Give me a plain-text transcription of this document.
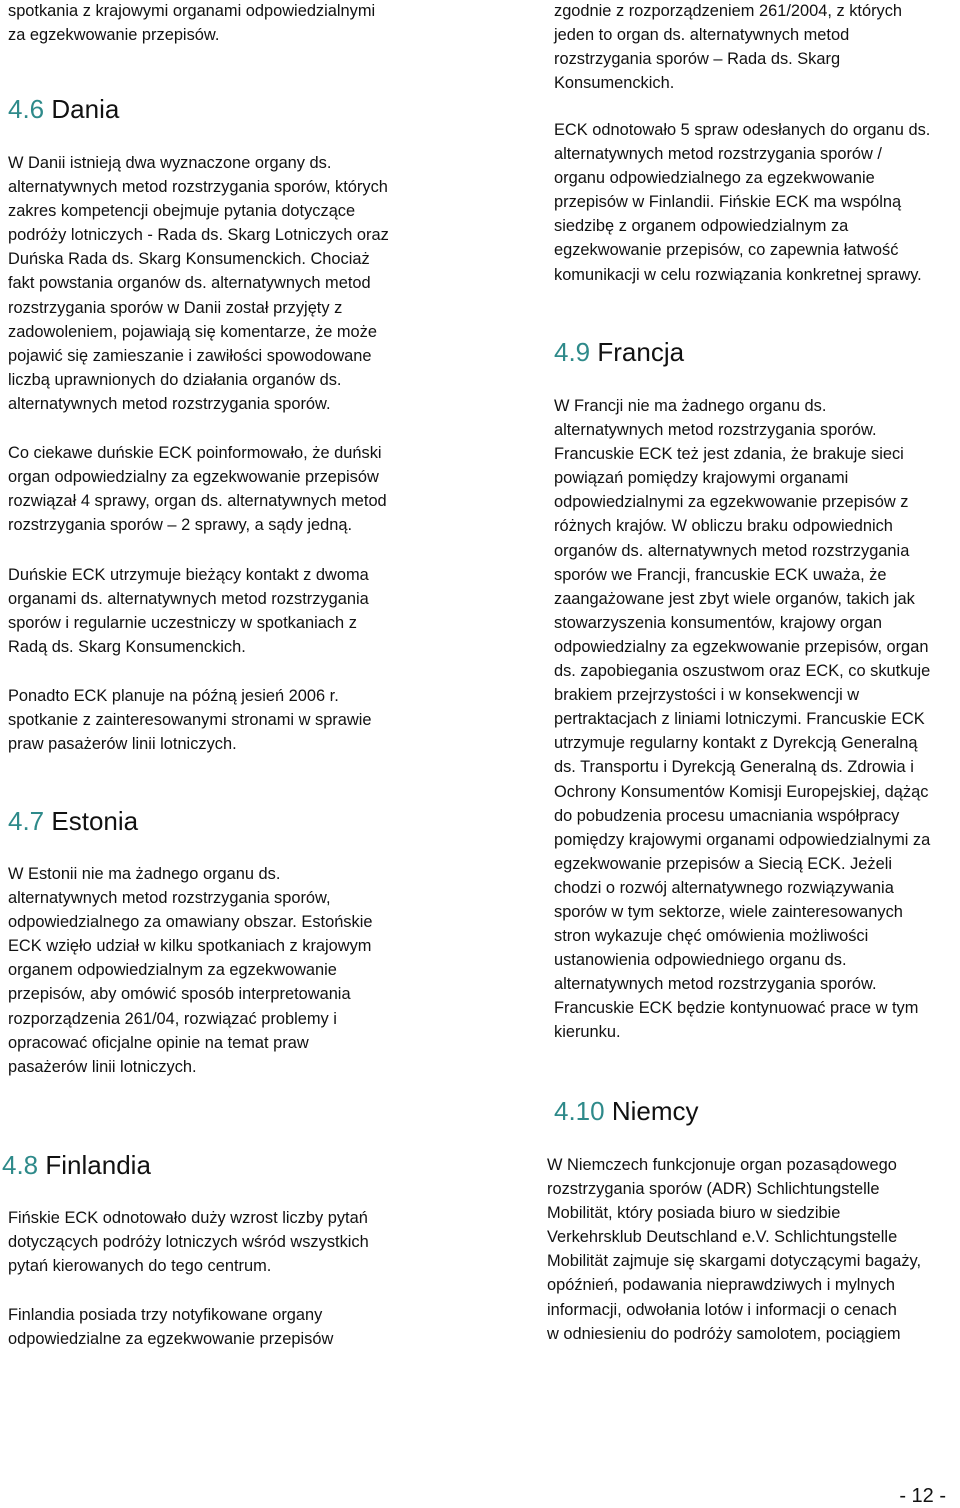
spotkania z krajowymi organami odpowiedzialnymi
za egzekwowanie przepisów.

4.6 Dania

W Danii istnieją dwa wyznaczone organy ds.
alternatywnych metod rozstrzygania sporów, których
zakres kompetencji obejmuje pytania dotyczące
podróży lotniczych - Rada ds. Skarg Lotniczych oraz
Duńska Rada ds. Skarg Konsumenckich. Chociaż
fakt powstania organów ds. alternatywnych metod
rozstrzygania sporów w Danii został przyjęty z
zadowoleniem, pojawiają się komentarze, że może
pojawić się zamieszanie i zawiłości spowodowane
liczbą uprawnionych do działania organów ds.
alternatywnych metod rozstrzygania sporów.

Co ciekawe duńskie ECK poinformowało, że duński
organ odpowiedzialny za egzekwowanie przepisów
rozwiązał 4 sprawy, organ ds. alternatywnych metod
rozstrzygania sporów – 2 sprawy, a sądy jedną.

Duńskie ECK utrzymuje bieżący kontakt z dwoma
organami ds. alternatywnych metod rozstrzygania
sporów i regularnie uczestniczy w spotkaniach z
Radą ds. Skarg Konsumenckich.

Ponadto ECK planuje na późną jesień 2006 r.
spotkanie z zainteresowanymi stronami w sprawie
praw pasażerów linii lotniczych.

4.7 Estonia

W Estonii nie ma żadnego organu ds.
alternatywnych metod rozstrzygania sporów,
odpowiedzialnego za omawiany obszar. Estońskie
ECK wzięło udział w kilku spotkaniach z krajowym
organem odpowiedzialnym za egzekwowanie
przepisów, aby omówić sposób interpretowania
rozporządzenia 261/04, rozwiązać problemy i
opracować oficjalne opinie na temat praw
pasażerów linii lotniczych.

4.8 Finlandia

Fińskie ECK odnotowało duży wzrost liczby pytań
dotyczących podróży lotniczych wśród wszystkich
pytań kierowanych do tego centrum.

Finlandia posiada trzy notyfikowane organy
odpowiedzialne za egzekwowanie przepisów

zgodnie z rozporządzeniem 261/2004, z których
jeden to organ ds. alternatywnych metod
rozstrzygania sporów – Rada ds. Skarg
Konsumenckich.

ECK odnotowało 5 spraw odesłanych do organu ds.
alternatywnych metod rozstrzygania sporów /
organu odpowiedzialnego za egzekwowanie
przepisów w Finlandii. Fińskie ECK ma wspólną
siedzibę z organem odpowiedzialnym za
egzekwowanie przepisów, co zapewnia łatwość
komunikacji w celu rozwiązania konkretnej sprawy.

4.9 Francja

W Francji nie ma żadnego organu ds.
alternatywnych metod rozstrzygania sporów.
Francuskie ECK też jest zdania, że brakuje sieci
powiązań pomiędzy krajowymi organami
odpowiedzialnymi za egzekwowanie przepisów z
różnych krajów. W obliczu braku odpowiednich
organów ds. alternatywnych metod rozstrzygania
sporów we Francji, francuskie ECK uważa, że
zaangażowane jest zbyt wiele organów, takich jak
stowarzyszenia konsumentów, krajowy organ
odpowiedzialny za egzekwowanie przepisów, organ
ds. zapobiegania oszustwom oraz ECK, co skutkuje
brakiem przejrzystości i w konsekwencji w
pertraktacjach z liniami lotniczymi. Francuskie ECK
utrzymuje regularny kontakt z Dyrekcją Generalną
ds. Transportu i Dyrekcją Generalną ds. Zdrowia i
Ochrony Konsumentów Komisji Europejskiej, dążąc
do pobudzenia procesu umacniania współpracy
pomiędzy krajowymi organami odpowiedzialnymi za
egzekwowanie przepisów a Siecią ECK. Jeżeli
chodzi o rozwój alternatywnego rozwiązywania
sporów w tym sektorze, wiele zainteresowanych
stron wykazuje chęć omówienia możliwości
ustanowienia odpowiedniego organu ds.
alternatywnych metod rozstrzygania sporów.
Francuskie ECK będzie kontynuować prace w tym
kierunku.

4.10 Niemcy

W Niemczech funkcjonuje organ pozasądowego
rozstrzygania sporów (ADR) Schlichtungstelle
Mobilität, który posiada biuro w siedzibie
Verkehrsklub Deutschland e.V. Schlichtungstelle
Mobilität zajmuje się skargami dotyczącymi bagaży,
opóźnień, podawania nieprawdziwych i mylnych
informacji, odwołania lotów i informacji o cenach
w odniesieniu do podróży samolotem, pociągiem

- 12 -
